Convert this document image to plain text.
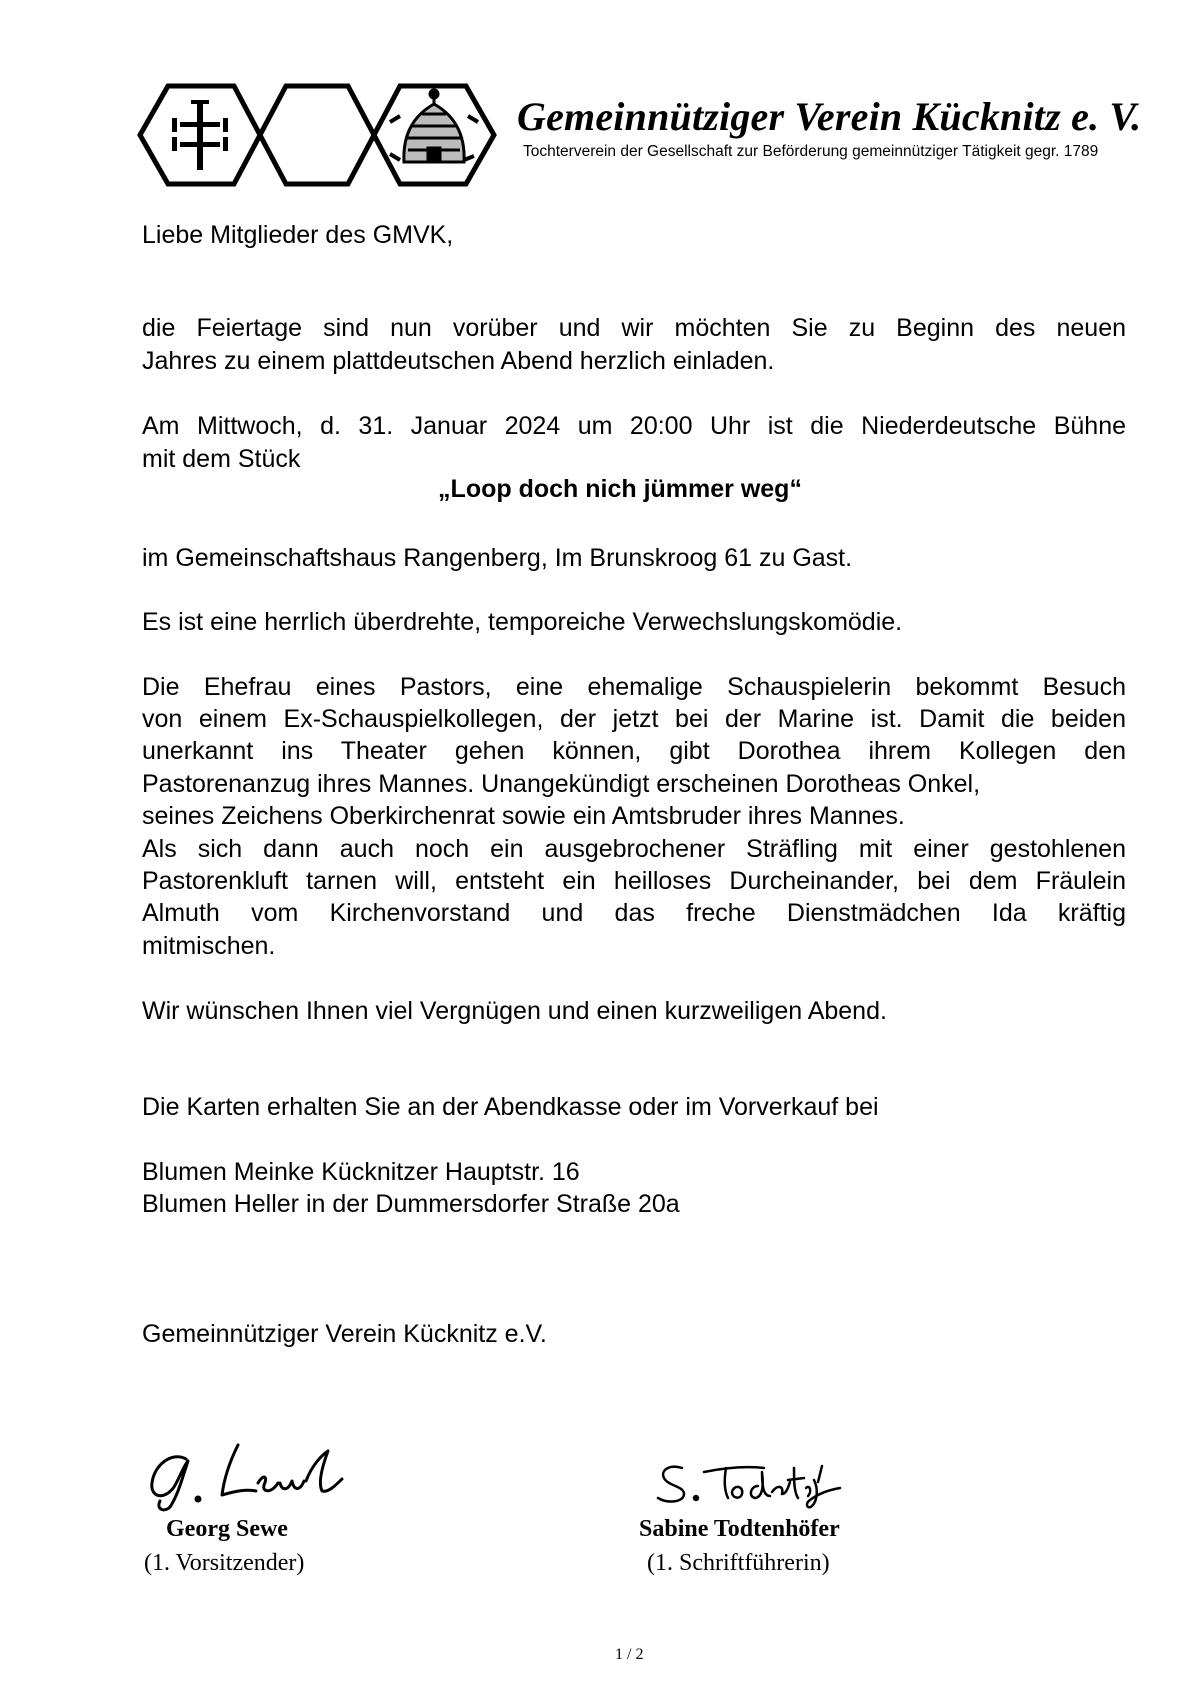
Gemeinnütziger Verein Kücknitz e. V.
Tochterverein der Gesellschaft zur Beförderung gemeinnütziger Tätigkeit gegr. 1789
Liebe Mitglieder des GMVK,
die Feiertage sind nun vorüber und wir möchten Sie zu Beginn des neuen
Jahres zu einem plattdeutschen Abend herzlich einladen.
Am Mittwoch, d. 31. Januar 2024 um 20:00 Uhr ist die Niederdeutsche Bühne
mit dem Stück
„Loop doch nich jümmer weg“
im Gemeinschaftshaus Rangenberg, Im Brunskroog 61 zu Gast.
Es ist eine herrlich überdrehte, temporeiche Verwechslungskomödie.
Die Ehefrau eines Pastors, eine ehemalige Schauspielerin bekommt Besuch
von einem Ex-Schauspielkollegen, der jetzt bei der Marine ist. Damit die beiden
unerkannt ins Theater gehen können, gibt Dorothea ihrem Kollegen den
Pastorenanzug ihres Mannes. Unangekündigt erscheinen Dorotheas Onkel,
seines Zeichens Oberkirchenrat sowie ein Amtsbruder ihres Mannes.
Als sich dann auch noch ein ausgebrochener Sträfling mit einer gestohlenen
Pastorenkluft tarnen will, entsteht ein heilloses Durcheinander, bei dem Fräulein
Almuth vom Kirchenvorstand und das freche Dienstmädchen Ida kräftig
mitmischen.
Wir wünschen Ihnen viel Vergnügen und einen kurzweiligen Abend.
Die Karten erhalten Sie an der Abendkasse oder im Vorverkauf bei
Blumen Meinke Kücknitzer Hauptstr. 16
Blumen Heller in der Dummersdorfer Straße 20a
Gemeinnütziger Verein Kücknitz e.V.
Georg Sewe
(1. Vorsitzender)
Sabine Todtenhöfer
(1. Schriftführerin)
1 / 2
